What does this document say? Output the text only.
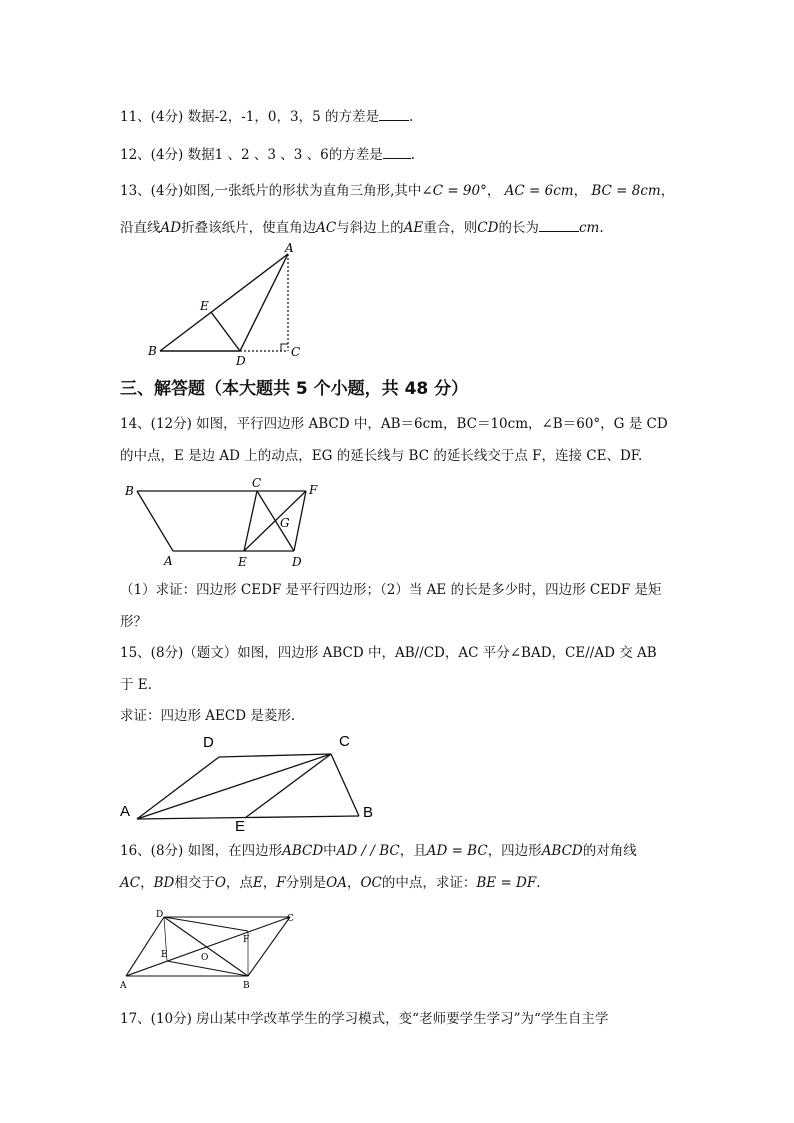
11、(4分) 数据-2，-1，0，3，5 的方差是 .
12、(4分) 数据1 、2 、3 、3 、6的方差是 .
13、(4分)如图,一张纸片的形状为直角三角形,其中∠C = 90°， AC = 6cm， BC = 8cm，
沿直线AD折叠该纸片，使直角边AC与斜边上的AE重合，则CD的长为	cm.
A
B	C
D
E
三、解答题（本大题共 5 个小题，共 48 分）
14、(12分) 如图，平行四边形 ABCD 中，AB＝6cm，BC＝10cm，∠B＝60°，G 是 CD
的中点，E 是边 AD 上的动点，EG 的延长线与 BC 的延长线交于点 F，连接 CE、DF.
B
C	F
G
A	E	D
（1）求证：四边形 CEDF 是平行四边形；（2）当 AE 的长是多少时，四边形 CEDF 是矩
形？
15、(8分)（题文）如图，四边形 ABCD 中，AB//CD，AC 平分∠BAD，CE//AD 交 AB
于 E.
求证：四边形 AECD 是菱形.
D	C
A	B
E
16、(8分) 如图，在四边形ABCD中AD / / BC，且AD = BC，四边形ABCD的对角线
AC，BD相交于O，点E，F分别是OA，OC的中点，求证：BE = DF.
D	C
F
O
E
A	B
17、(10分) 房山某中学改革学生的学习模式，变“老师要学生学习”为“学生自主学
